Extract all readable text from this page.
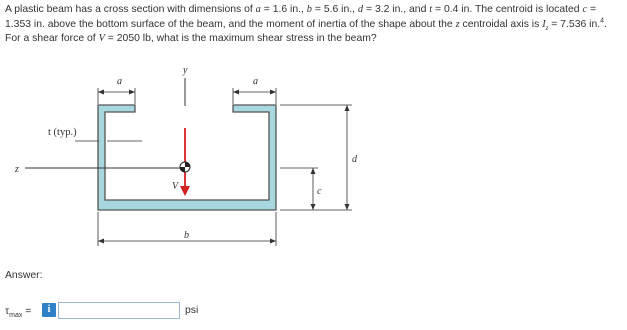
A plastic beam has a cross section with dimensions of a = 1.6 in., b = 5.6 in., d = 3.2 in., and t = 0.4 in. The centroid is located c = 1.353 in. above the bottom surface of the beam, and the moment of inertia of the shape about the z centroidal axis is $I_z = 7.536$ in.$^4$. For a shear force of V = 2050 lb, what is the maximum shear stress in the beam?
y
z
V
a	a
t (typ.)
d
c
b
Answer:
$\tau_{max}$ =	i	psi
